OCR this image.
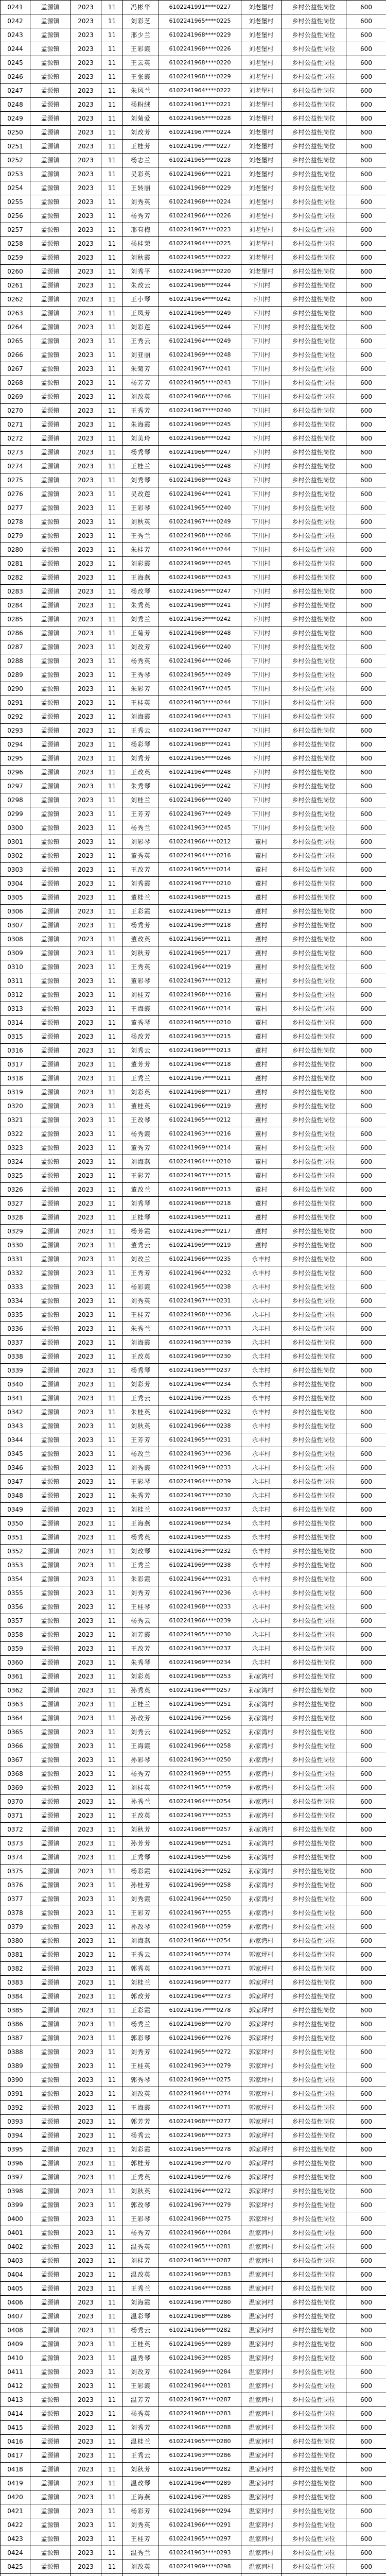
0241	孟源镇	2023	11	冯彬华	6102241991****0227	刘老堡村	乡村公益性岗位	600
0242	孟源镇	2023	11	刘彩芝	6102241965****0225	刘老堡村	乡村公益性岗位	600
0243	孟源镇	2023	11	邢少兰	6102241968****0229	刘老堡村	乡村公益性岗位	600
0244	孟源镇	2023	11	王彩霞	6102241968****0226	刘老堡村	乡村公益性岗位	600
0245	孟源镇	2023	11	王云英	6102241968****0220	刘老堡村	乡村公益性岗位	600
0246	孟源镇	2023	11	王张霞	6102241968****0229	刘老堡村	乡村公益性岗位	600
0247	孟源镇	2023	11	朱风兰	6102241964****0222	刘老堡村	乡村公益性岗位	600
0248	孟源镇	2023	11	杨粉绒	6102241961****0221	刘老堡村	乡村公益性岗位	600
0249	孟源镇	2023	11	刘菊爱	6102241965****0228	刘老堡村	乡村公益性岗位	600
0250	孟源镇	2023	11	刘改芳	6102241967****0224	刘老堡村	乡村公益性岗位	600
0251	孟源镇	2023	11	王桂芳	6102241967****0227	刘老堡村	乡村公益性岗位	600
0252	孟源镇	2023	11	杨志兰	6102241965****0228	刘老堡村	乡村公益性岗位	600
0253	孟源镇	2023	11	吴彩英	6102241966****0221	刘老堡村	乡村公益性岗位	600
0254	孟源镇	2023	11	王转丽	6102241968****0229	刘老堡村	乡村公益性岗位	600
0255	孟源镇	2023	11	刘秀英	6102241968****0224	刘老堡村	乡村公益性岗位	600
0256	孟源镇	2023	11	杨秀芳	6102241966****0226	刘老堡村	乡村公益性岗位	600
0257	孟源镇	2023	11	邢有梅	6102241967****0223	刘老堡村	乡村公益性岗位	600
0258	孟源镇	2023	11	杨桂荣	6102241964****0225	刘老堡村	乡村公益性岗位	600
0259	孟源镇	2023	11	刘秋霞	6102241965****0222	刘老堡村	乡村公益性岗位	600
0260	孟源镇	2023	11	刘秀平	6102241963****0220	刘老堡村	乡村公益性岗位	600
0261	孟源镇	2023	11	朱改云	6102241966****0244	下川村	乡村公益性岗位	600
0262	孟源镇	2023	11	王小琴	6102241964****0242	下川村	乡村公益性岗位	600
0263	孟源镇	2023	11	王凤芳	6102241965****0249	下川村	乡村公益性岗位	600
0264	孟源镇	2023	11	刘彩莲	6102241965****0244	下川村	乡村公益性岗位	600
0265	孟源镇	2023	11	王秀云	6102241964****0249	下川村	乡村公益性岗位	600
0266	孟源镇	2023	11	刘亚丽	6102241969****0248	下川村	乡村公益性岗位	600
0267	孟源镇	2023	11	朱菊芳	6102241967****0241	下川村	乡村公益性岗位	600
0268	孟源镇	2023	11	杨芳芳	6102241965****0243	下川村	乡村公益性岗位	600
0269	孟源镇	2023	11	刘改英	6102241966****0246	下川村	乡村公益性岗位	600
0270	孟源镇	2023	11	王秀芳	6102241967****0240	下川村	乡村公益性岗位	600
0271	孟源镇	2023	11	朱海霞	6102241969****0245	下川村	乡村公益性岗位	600
0272	孟源镇	2023	11	刘美玲	6102241966****0242	下川村	乡村公益性岗位	600
0273	孟源镇	2023	11	杨秀琴	6102241966****0247	下川村	乡村公益性岗位	600
0274	孟源镇	2023	11	王桂兰	6102241965****0248	下川村	乡村公益性岗位	600
0275	孟源镇	2023	11	刘秀琴	6102241968****0243	下川村	乡村公益性岗位	600
0276	孟源镇	2023	11	吴改莲	6102241964****0241	下川村	乡村公益性岗位	600
0277	孟源镇	2023	11	王彩琴	6102241965****0240	下川村	乡村公益性岗位	600
0278	孟源镇	2023	11	刘秋英	6102241967****0249	下川村	乡村公益性岗位	600
0279	孟源镇	2023	11	王秀兰	6102241968****0246	下川村	乡村公益性岗位	600
0280	孟源镇	2023	11	朱桂芳	6102241964****0244	下川村	乡村公益性岗位	600
0281	孟源镇	2023	11	刘彩霞	6102241969****0245	下川村	乡村公益性岗位	600
0282	孟源镇	2023	11	王海燕	6102241966****0243	下川村	乡村公益性岗位	600
0283	孟源镇	2023	11	杨改琴	6102241965****0247	下川村	乡村公益性岗位	600
0284	孟源镇	2023	11	朱秀英	6102241968****0241	下川村	乡村公益性岗位	600
0285	孟源镇	2023	11	刘秀兰	6102241963****0242	下川村	乡村公益性岗位	600
0286	孟源镇	2023	11	王菊芳	6102241968****0248	下川村	乡村公益性岗位	600
0287	孟源镇	2023	11	刘改芳	6102241966****0240	下川村	乡村公益性岗位	600
0288	孟源镇	2023	11	杨秀英	6102241964****0246	下川村	乡村公益性岗位	600
0289	孟源镇	2023	11	王秀琴	6102241965****0249	下川村	乡村公益性岗位	600
0290	孟源镇	2023	11	朱彩芳	6102241967****0245	下川村	乡村公益性岗位	600
0291	孟源镇	2023	11	王桂英	6102241963****0244	下川村	乡村公益性岗位	600
0292	孟源镇	2023	11	刘海霞	6102241964****0243	下川村	乡村公益性岗位	600
0293	孟源镇	2023	11	王秀云	6102241967****0247	下川村	乡村公益性岗位	600
0294	孟源镇	2023	11	杨彩琴	6102241968****0241	下川村	乡村公益性岗位	600
0295	孟源镇	2023	11	刘秀芳	6102241965****0246	下川村	乡村公益性岗位	600
0296	孟源镇	2023	11	王改英	6102241964****0248	下川村	乡村公益性岗位	600
0297	孟源镇	2023	11	朱秀琴	6102241969****0242	下川村	乡村公益性岗位	600
0298	孟源镇	2023	11	刘桂兰	6102241966****0240	下川村	乡村公益性岗位	600
0299	孟源镇	2023	11	王芳芳	6102241967****0249	下川村	乡村公益性岗位	600
0300	孟源镇	2023	11	杨秀兰	6102241963****0245	下川村	乡村公益性岗位	600
0301	孟源镇	2023	11	刘彩琴	6102241966****0212	董村	乡村公益性岗位	600
0302	孟源镇	2023	11	董秀英	6102241964****0216	董村	乡村公益性岗位	600
0303	孟源镇	2023	11	王改芳	6102241965****0214	董村	乡村公益性岗位	600
0304	孟源镇	2023	11	刘秀霞	6102241967****0210	董村	乡村公益性岗位	600
0305	孟源镇	2023	11	董桂兰	6102241968****0215	董村	乡村公益性岗位	600
0306	孟源镇	2023	11	王彩霞	6102241966****0213	董村	乡村公益性岗位	600
0307	孟源镇	2023	11	杨秀芳	6102241963****0218	董村	乡村公益性岗位	600
0308	孟源镇	2023	11	董改英	6102241969****0211	董村	乡村公益性岗位	600
0309	孟源镇	2023	11	刘秋芳	6102241965****0217	董村	乡村公益性岗位	600
0310	孟源镇	2023	11	王秀英	6102241964****0219	董村	乡村公益性岗位	600
0311	孟源镇	2023	11	董彩琴	6102241967****0212	董村	乡村公益性岗位	600
0312	孟源镇	2023	11	刘桂芳	6102241968****0216	董村	乡村公益性岗位	600
0313	孟源镇	2023	11	王海霞	6102241966****0214	董村	乡村公益性岗位	600
0314	孟源镇	2023	11	董秀琴	6102241965****0210	董村	乡村公益性岗位	600
0315	孟源镇	2023	11	杨改芳	6102241963****0215	董村	乡村公益性岗位	600
0316	孟源镇	2023	11	刘秀云	6102241969****0213	董村	乡村公益性岗位	600
0317	孟源镇	2023	11	董芳芳	6102241964****0218	董村	乡村公益性岗位	600
0318	孟源镇	2023	11	王秀兰	6102241967****0211	董村	乡村公益性岗位	600
0319	孟源镇	2023	11	刘彩英	6102241968****0217	董村	乡村公益性岗位	600
0320	孟源镇	2023	11	董桂英	6102241966****0219	董村	乡村公益性岗位	600
0321	孟源镇	2023	11	王改琴	6102241965****0212	董村	乡村公益性岗位	600
0322	孟源镇	2023	11	杨秀霞	6102241963****0216	董村	乡村公益性岗位	600
0323	孟源镇	2023	11	董秀芳	6102241969****0214	董村	乡村公益性岗位	600
0324	孟源镇	2023	11	刘海燕	6102241964****0210	董村	乡村公益性岗位	600
0325	孟源镇	2023	11	王彩芳	6102241967****0215	董村	乡村公益性岗位	600
0326	孟源镇	2023	11	董改兰	6102241968****0213	董村	乡村公益性岗位	600
0327	孟源镇	2023	11	刘秀琴	6102241966****0218	董村	乡村公益性岗位	600
0328	孟源镇	2023	11	王桂琴	6102241965****0211	董村	乡村公益性岗位	600
0329	孟源镇	2023	11	杨芳霞	6102241963****0217	董村	乡村公益性岗位	600
0330	孟源镇	2023	11	董秀云	6102241969****0219	董村	乡村公益性岗位	600
0331	孟源镇	2023	11	刘改兰	6102241966****0235	永丰村	乡村公益性岗位	600
0332	孟源镇	2023	11	王秀芳	6102241964****0232	永丰村	乡村公益性岗位	600
0333	孟源镇	2023	11	杨彩霞	6102241965****0238	永丰村	乡村公益性岗位	600
0334	孟源镇	2023	11	刘秀英	6102241967****0231	永丰村	乡村公益性岗位	600
0335	孟源镇	2023	11	王桂芳	6102241968****0236	永丰村	乡村公益性岗位	600
0336	孟源镇	2023	11	朱秀兰	6102241966****0233	永丰村	乡村公益性岗位	600
0337	孟源镇	2023	11	刘海霞	6102241963****0239	永丰村	乡村公益性岗位	600
0338	孟源镇	2023	11	王改英	6102241969****0230	永丰村	乡村公益性岗位	600
0339	孟源镇	2023	11	杨秀琴	6102241965****0237	永丰村	乡村公益性岗位	600
0340	孟源镇	2023	11	刘彩芳	6102241964****0234	永丰村	乡村公益性岗位	600
0341	孟源镇	2023	11	王秀云	6102241967****0235	永丰村	乡村公益性岗位	600
0342	孟源镇	2023	11	朱桂英	6102241968****0232	永丰村	乡村公益性岗位	600
0343	孟源镇	2023	11	刘秋英	6102241966****0238	永丰村	乡村公益性岗位	600
0344	孟源镇	2023	11	王芳芳	6102241965****0231	永丰村	乡村公益性岗位	600
0345	孟源镇	2023	11	杨改兰	6102241963****0236	永丰村	乡村公益性岗位	600
0346	孟源镇	2023	11	刘秀霞	6102241969****0233	永丰村	乡村公益性岗位	600
0347	孟源镇	2023	11	王彩琴	6102241964****0239	永丰村	乡村公益性岗位	600
0348	孟源镇	2023	11	朱秀芳	6102241967****0230	永丰村	乡村公益性岗位	600
0349	孟源镇	2023	11	刘桂兰	6102241968****0237	永丰村	乡村公益性岗位	600
0350	孟源镇	2023	11	王海燕	6102241966****0234	永丰村	乡村公益性岗位	600
0351	孟源镇	2023	11	杨秀英	6102241965****0235	永丰村	乡村公益性岗位	600
0352	孟源镇	2023	11	刘改琴	6102241963****0232	永丰村	乡村公益性岗位	600
0353	孟源镇	2023	11	王秀兰	6102241969****0238	永丰村	乡村公益性岗位	600
0354	孟源镇	2023	11	朱彩霞	6102241964****0231	永丰村	乡村公益性岗位	600
0355	孟源镇	2023	11	刘秀芳	6102241967****0236	永丰村	乡村公益性岗位	600
0356	孟源镇	2023	11	王桂琴	6102241968****0233	永丰村	乡村公益性岗位	600
0357	孟源镇	2023	11	杨秀云	6102241966****0239	永丰村	乡村公益性岗位	600
0358	孟源镇	2023	11	刘芳霞	6102241965****0230	永丰村	乡村公益性岗位	600
0359	孟源镇	2023	11	王改芳	6102241963****0237	永丰村	乡村公益性岗位	600
0360	孟源镇	2023	11	朱秀琴	6102241969****0234	永丰村	乡村公益性岗位	600
0361	孟源镇	2023	11	刘彩英	6102241966****0253	孙家湾村	乡村公益性岗位	600
0362	孟源镇	2023	11	孙秀英	6102241964****0257	孙家湾村	乡村公益性岗位	600
0363	孟源镇	2023	11	王桂兰	6102241965****0251	孙家湾村	乡村公益性岗位	600
0364	孟源镇	2023	11	孙改芳	6102241967****0256	孙家湾村	乡村公益性岗位	600
0365	孟源镇	2023	11	刘秀云	6102241968****0252	孙家湾村	乡村公益性岗位	600
0366	孟源镇	2023	11	王海霞	6102241966****0258	孙家湾村	乡村公益性岗位	600
0367	孟源镇	2023	11	孙彩琴	6102241963****0250	孙家湾村	乡村公益性岗位	600
0368	孟源镇	2023	11	杨秀芳	6102241969****0255	孙家湾村	乡村公益性岗位	600
0369	孟源镇	2023	11	刘桂英	6102241965****0259	孙家湾村	乡村公益性岗位	600
0370	孟源镇	2023	11	孙秀兰	6102241964****0254	孙家湾村	乡村公益性岗位	600
0371	孟源镇	2023	11	王改英	6102241967****0253	孙家湾村	乡村公益性岗位	600
0372	孟源镇	2023	11	刘秋芳	6102241968****0257	孙家湾村	乡村公益性岗位	600
0373	孟源镇	2023	11	孙芳芳	6102241966****0251	孙家湾村	乡村公益性岗位	600
0374	孟源镇	2023	11	王秀琴	6102241965****0256	孙家湾村	乡村公益性岗位	600
0375	孟源镇	2023	11	杨彩霞	6102241963****0252	孙家湾村	乡村公益性岗位	600
0376	孟源镇	2023	11	孙桂芳	6102241969****0258	孙家湾村	乡村公益性岗位	600
0377	孟源镇	2023	11	刘秀霞	6102241964****0250	孙家湾村	乡村公益性岗位	600
0378	孟源镇	2023	11	王彩芳	6102241967****0255	孙家湾村	乡村公益性岗位	600
0379	孟源镇	2023	11	孙改琴	6102241968****0259	孙家湾村	乡村公益性岗位	600
0380	孟源镇	2023	11	刘海燕	6102241966****0254	孙家湾村	乡村公益性岗位	600
0381	孟源镇	2023	11	王秀云	6102241965****0274	郭家坪村	乡村公益性岗位	600
0382	孟源镇	2023	11	郭秀英	6102241963****0271	郭家坪村	乡村公益性岗位	600
0383	孟源镇	2023	11	刘桂兰	6102241969****0277	郭家坪村	乡村公益性岗位	600
0384	孟源镇	2023	11	郭改芳	6102241964****0273	郭家坪村	乡村公益性岗位	600
0385	孟源镇	2023	11	王彩霞	6102241967****0278	郭家坪村	乡村公益性岗位	600
0386	孟源镇	2023	11	杨秀兰	6102241968****0270	郭家坪村	乡村公益性岗位	600
0387	孟源镇	2023	11	郭彩琴	6102241966****0276	郭家坪村	乡村公益性岗位	600
0388	孟源镇	2023	11	刘秀芳	6102241965****0272	郭家坪村	乡村公益性岗位	600
0389	孟源镇	2023	11	王桂英	6102241963****0279	郭家坪村	乡村公益性岗位	600
0390	孟源镇	2023	11	郭秀琴	6102241969****0275	郭家坪村	乡村公益性岗位	600
0391	孟源镇	2023	11	刘改英	6102241964****0274	郭家坪村	乡村公益性岗位	600
0392	孟源镇	2023	11	王海霞	6102241967****0271	郭家坪村	乡村公益性岗位	600
0393	孟源镇	2023	11	郭芳芳	6102241968****0277	郭家坪村	乡村公益性岗位	600
0394	孟源镇	2023	11	杨秀云	6102241966****0273	郭家坪村	乡村公益性岗位	600
0395	孟源镇	2023	11	刘彩霞	6102241965****0278	郭家坪村	乡村公益性岗位	600
0396	孟源镇	2023	11	郭桂芳	6102241963****0270	郭家坪村	乡村公益性岗位	600
0397	孟源镇	2023	11	王秀英	6102241969****0276	郭家坪村	乡村公益性岗位	600
0398	孟源镇	2023	11	刘秋英	6102241964****0272	郭家坪村	乡村公益性岗位	600
0399	孟源镇	2023	11	郭改琴	6102241967****0279	郭家坪村	乡村公益性岗位	600
0400	孟源镇	2023	11	王彩琴	6102241968****0275	郭家坪村	乡村公益性岗位	600
0401	孟源镇	2023	11	杨秀芳	6102241966****0284	温家河村	乡村公益性岗位	600
0402	孟源镇	2023	11	温秀英	6102241965****0281	温家河村	乡村公益性岗位	600
0403	孟源镇	2023	11	刘桂芳	6102241963****0287	温家河村	乡村公益性岗位	600
0404	孟源镇	2023	11	温改英	6102241969****0283	温家河村	乡村公益性岗位	600
0405	孟源镇	2023	11	王秀兰	6102241964****0288	温家河村	乡村公益性岗位	600
0406	孟源镇	2023	11	刘海霞	6102241967****0280	温家河村	乡村公益性岗位	600
0407	孟源镇	2023	11	温彩琴	6102241968****0286	温家河村	乡村公益性岗位	600
0408	孟源镇	2023	11	杨秀云	6102241966****0282	温家河村	乡村公益性岗位	600
0409	孟源镇	2023	11	王桂英	6102241965****0289	温家河村	乡村公益性岗位	600
0410	孟源镇	2023	11	温秀琴	6102241963****0285	温家河村	乡村公益性岗位	600
0411	孟源镇	2023	11	刘改芳	6102241969****0284	温家河村	乡村公益性岗位	600
0412	孟源镇	2023	11	王彩霞	6102241964****0281	温家河村	乡村公益性岗位	600
0413	孟源镇	2023	11	温芳芳	6102241967****0287	温家河村	乡村公益性岗位	600
0414	孟源镇	2023	11	杨秀英	6102241968****0283	温家河村	乡村公益性岗位	600
0415	孟源镇	2023	11	刘秀芳	6102241966****0288	温家河村	乡村公益性岗位	600
0416	孟源镇	2023	11	温桂兰	6102241965****0280	温家河村	乡村公益性岗位	600
0417	孟源镇	2023	11	王秀云	6102241963****0286	温家河村	乡村公益性岗位	600
0418	孟源镇	2023	11	刘秋芳	6102241969****0282	温家河村	乡村公益性岗位	600
0419	孟源镇	2023	11	温改琴	6102241964****0289	温家河村	乡村公益性岗位	600
0420	孟源镇	2023	11	王海燕	6102241967****0285	温家河村	乡村公益性岗位	600
0421	孟源镇	2023	11	杨彩芳	6102241968****0294	温家河村	乡村公益性岗位	600
0422	孟源镇	2023	11	刘秀英	6102241966****0291	温家河村	乡村公益性岗位	600
0423	孟源镇	2023	11	王桂芳	6102241965****0297	温家河村	乡村公益性岗位	600
0424	孟源镇	2023	11	温秀兰	6102241963****0293	温家河村	乡村公益性岗位	600
0425	孟源镇	2023	11	刘改英	6102241969****0298	温家河村	乡村公益性岗位	600
